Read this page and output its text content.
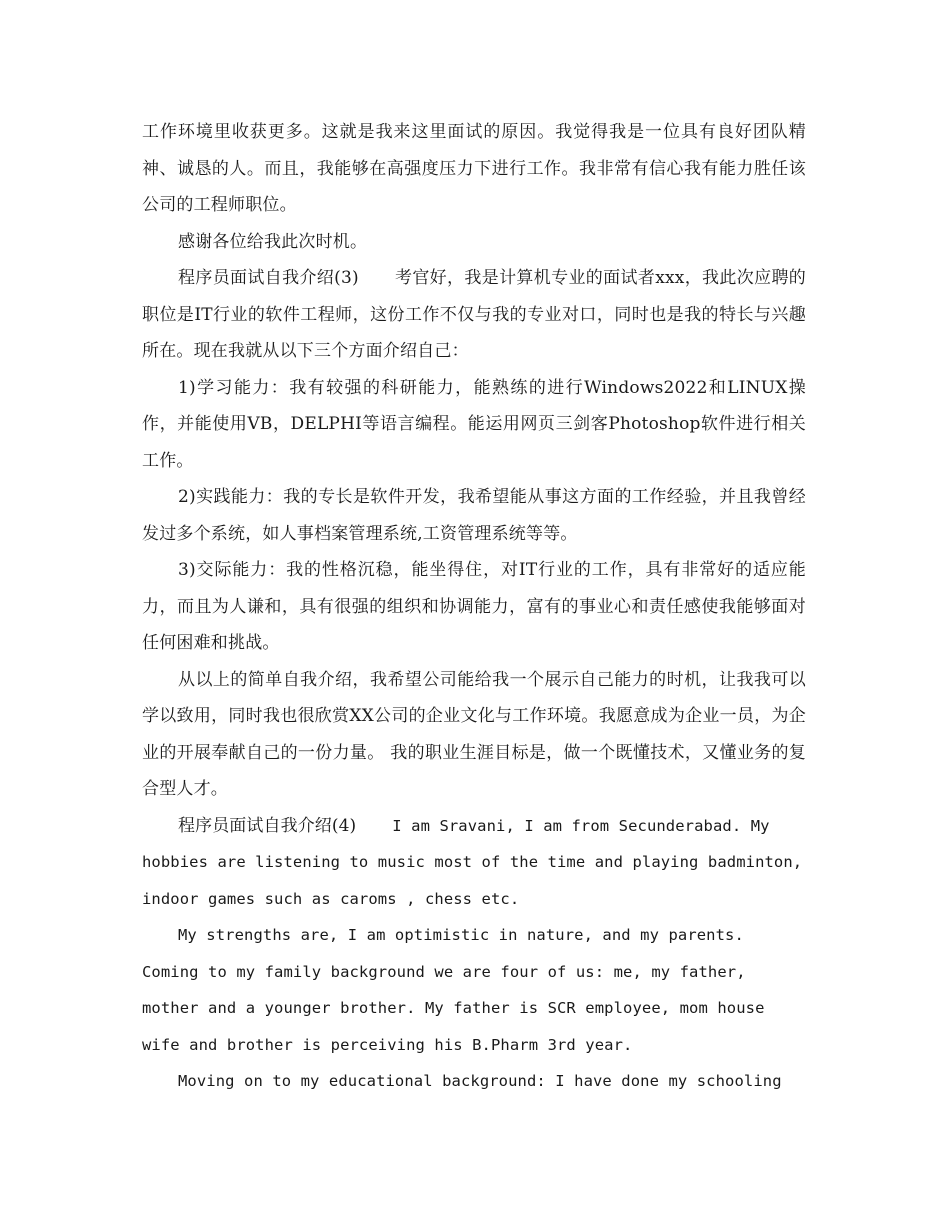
工作环境里收获更多。这就是我来这里面试的原因。我觉得我是一位具有良好团队精神、诚恳的人。而且，我能够在高强度压力下进行工作。我非常有信心我有能力胜任该公司的工程师职位。

感谢各位给我此次时机。

程序员面试自我介绍(3) 考官好，我是计算机专业的面试者xxx，我此次应聘的职位是IT行业的软件工程师，这份工作不仅与我的专业对口，同时也是我的特长与兴趣所在。现在我就从以下三个方面介绍自己：

1)学习能力：我有较强的科研能力，能熟练的进行Windows2022和LINUX操作，并能使用VB，DELPHI等语言编程。能运用网页三剑客Photoshop软件进行相关工作。

2)实践能力：我的专长是软件开发，我希望能从事这方面的工作经验，并且我曾经发过多个系统，如人事档案管理系统,工资管理系统等等。

3)交际能力：我的性格沉稳，能坐得住，对IT行业的工作，具有非常好的适应能力，而且为人谦和，具有很强的组织和协调能力，富有的事业心和责任感使我能够面对任何困难和挑战。

从以上的简单自我介绍，我希望公司能给我一个展示自己能力的时机，让我我可以学以致用，同时我也很欣赏XX公司的企业文化与工作环境。我愿意成为企业一员，为企业的开展奉献自己的一份力量。 我的职业生涯目标是，做一个既懂技术，又懂业务的复合型人才。

程序员面试自我介绍(4) I am Sravani, I am from Secunderabad. My hobbies are listening to music most of the time and playing badminton, indoor games such as caroms , chess etc.

My strengths are, I am optimistic in nature, and my parents. Coming to my family background we are four of us: me, my father, mother and a younger brother. My father is SCR employee, mom house wife and brother is perceiving his B.Pharm 3rd year.

Moving on to my educational background: I have done my schooling
